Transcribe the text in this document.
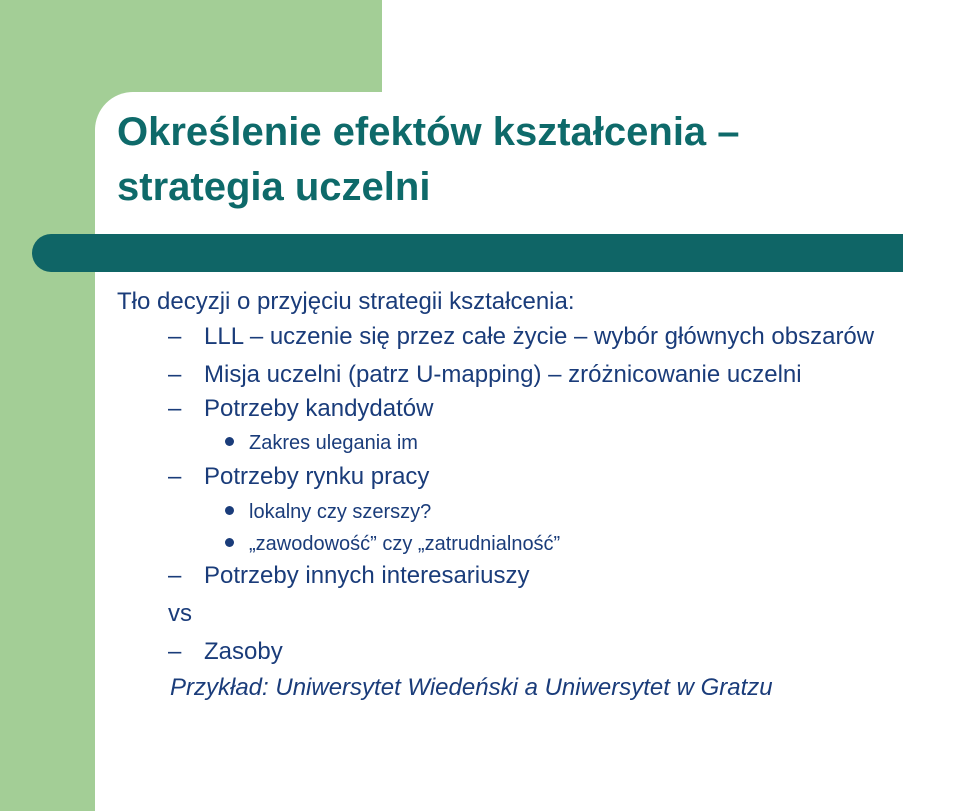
Określenie efektów kształcenia –
strategia uczelni
Tło decyzji o przyjęciu strategii kształcenia:
– LLL – uczenie się przez całe życie – wybór głównych obszarów
– Misja uczelni (patrz U-mapping) – zróżnicowanie uczelni
– Potrzeby kandydatów
Zakres ulegania im
– Potrzeby rynku pracy
lokalny czy szerszy?
„zawodowość” czy „zatrudnialność”
– Potrzeby innych interesariuszy
vs
– Zasoby
Przykład: Uniwersytet Wiedeński a Uniwersytet w Gratzu
